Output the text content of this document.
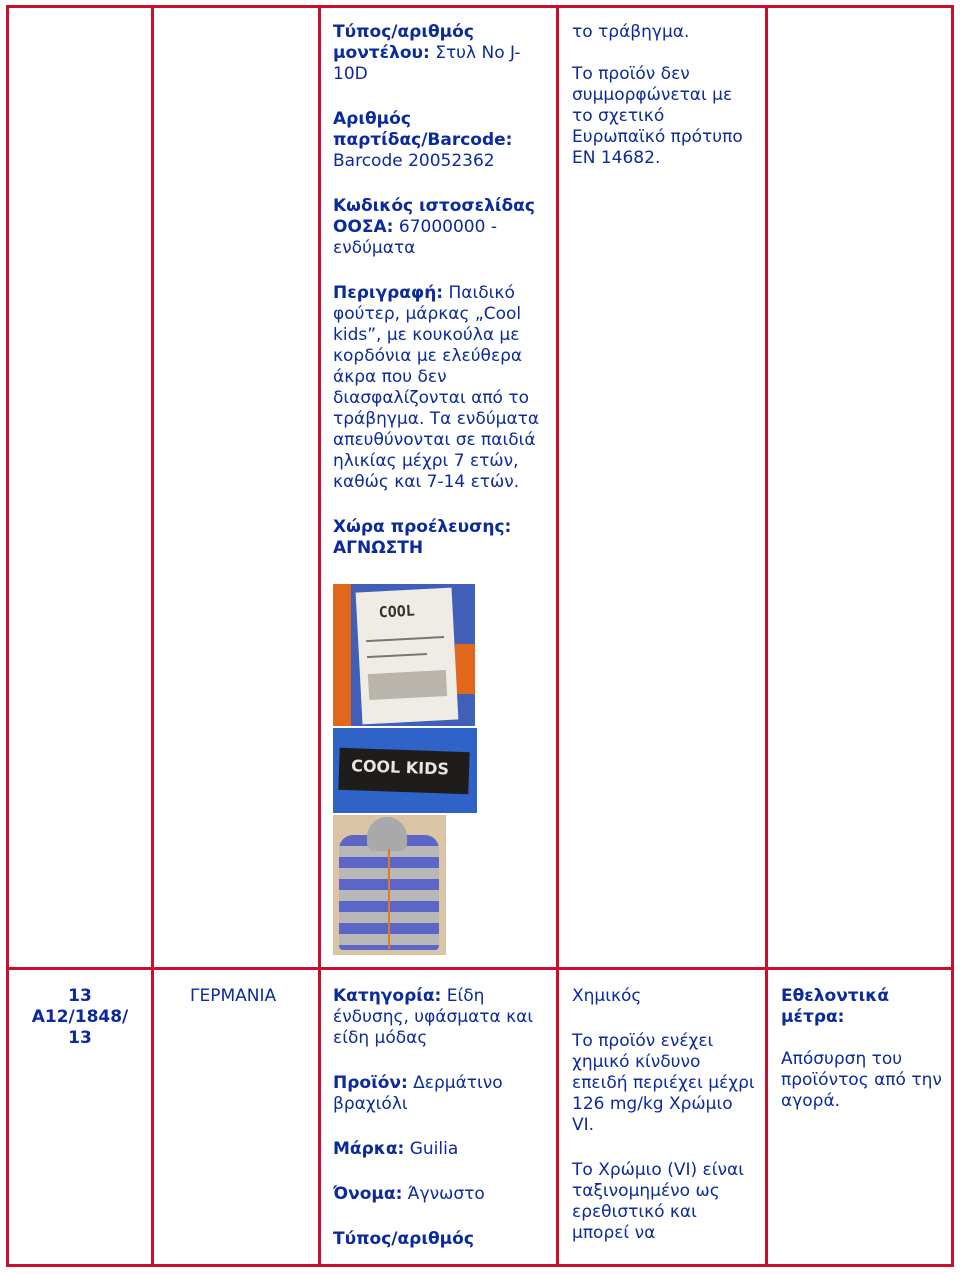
Τύπος/αριθμός μοντέλου: Στυλ Νο J-10D

Αριθμός παρτίδας/Barcode: Barcode 20052362

Κωδικός ιστοσελίδας ΟΟΣΑ: 67000000 - ενδύματα

Περιγραφή: Παιδικό φούτερ, μάρκας „Cool kids”, με κουκούλα με κορδόνια με ελεύθερα άκρα που δεν διασφαλίζονται από το τράβηγμα. Τα ενδύματα απευθύνονται σε παιδιά ηλικίας μέχρι 7 ετών, καθώς και 7-14 ετών.

Χώρα προέλευσης:
ΑΓΝΩΣΤΗ

COOL
COOL KIDS

το τράβηγμα.

Το προϊόν δεν συμμορφώνεται με το σχετικό Ευρωπαϊκό πρότυπο ΕΝ 14682.

13
A12/1848/
13
ΓΕΡΜΑΝΙΑ	Κατηγορία: Είδη ένδυσης, υφάσματα και είδη μόδας

Προϊόν: Δερμάτινο βραχιόλι

Μάρκα: Guilia

Όνομα: Άγνωστο

Τύπος/αριθμός

Χημικός

Το προϊόν ενέχει χημικό κίνδυνο επειδή περιέχει μέχρι 126 mg/kg Χρώμιο VI.

Το Χρώμιο (VI) είναι ταξινομημένο ως ερεθιστικό και μπορεί να

Εθελοντικά μέτρα:

Απόσυρση του προϊόντος από την αγορά.
